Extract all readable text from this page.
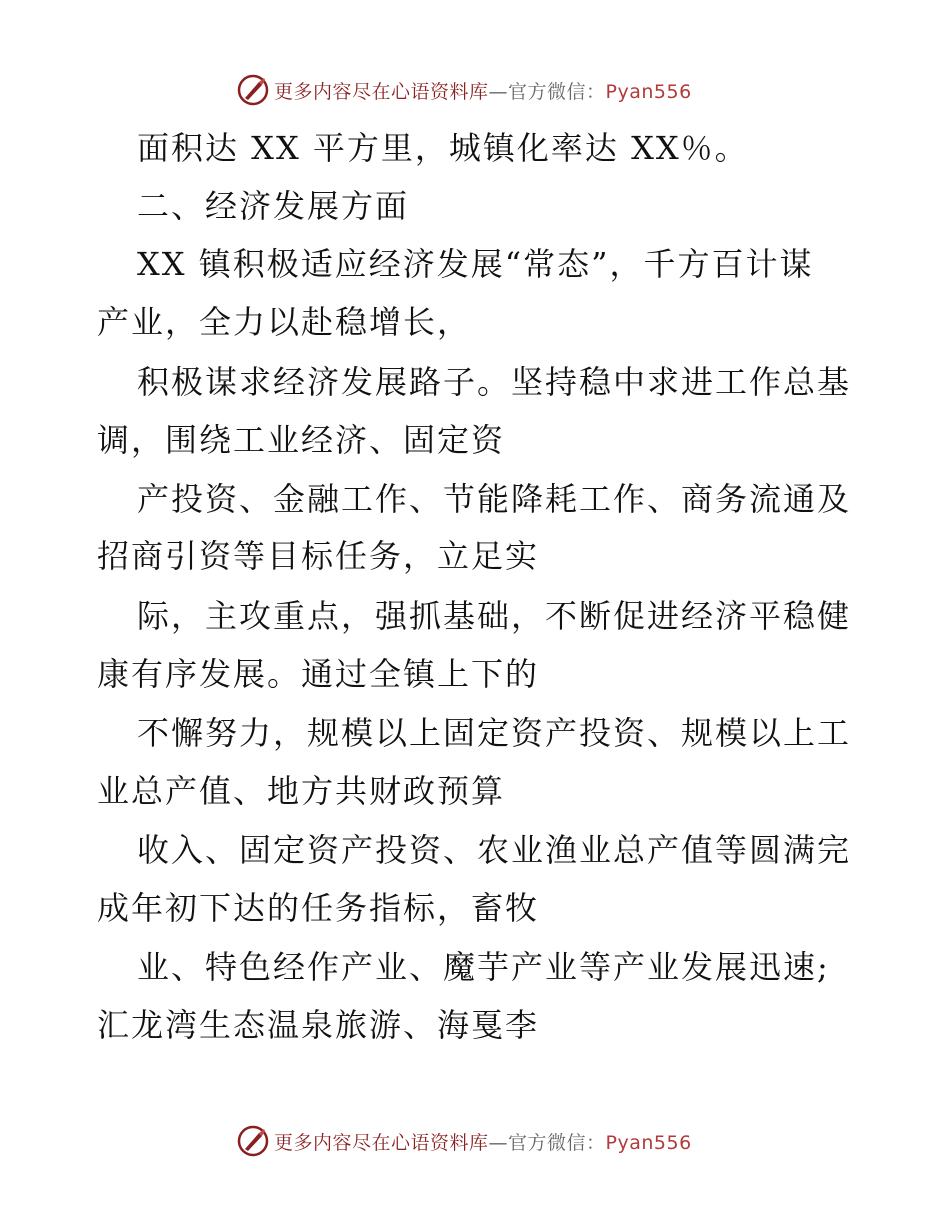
更多内容尽在心语资料库—官方微信：Pyan556
面积达 XX 平方里，城镇化率达 XX％。
二、经济发展方面
XX 镇积极适应经济发展“常态”，千方百计谋
产业，全力以赴稳增长，
积极谋求经济发展路子。坚持稳中求进工作总基
调，围绕工业经济、固定资
产投资、金融工作、节能降耗工作、商务流通及
招商引资等目标任务，立足实
际，主攻重点，强抓基础，不断促进经济平稳健
康有序发展。通过全镇上下的
不懈努力，规模以上固定资产投资、规模以上工
业总产值、地方共财政预算
收入、固定资产投资、农业渔业总产值等圆满完
成年初下达的任务指标，畜牧
业、特色经作产业、魔芋产业等产业发展迅速;
汇龙湾生态温泉旅游、海戛李
更多内容尽在心语资料库—官方微信：Pyan556
